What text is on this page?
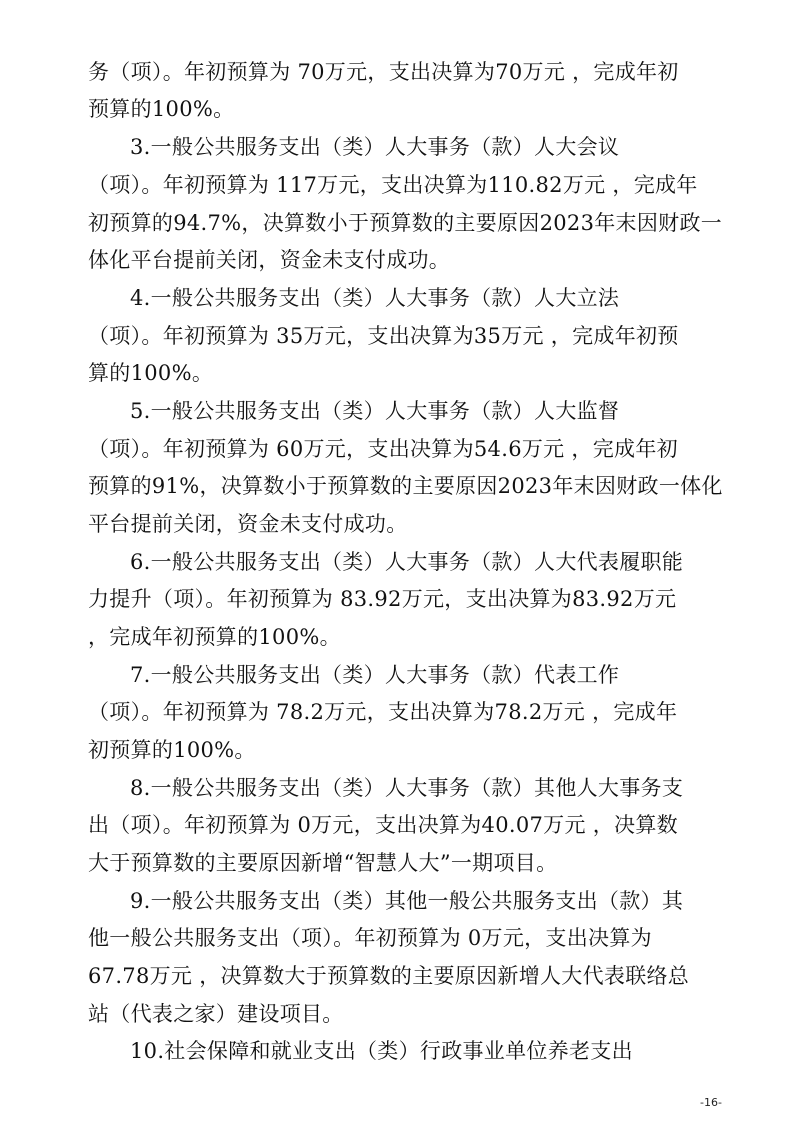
务（项）。年初预算为 70万元，支出决算为70万元 ，完成年初
预算的100%。
3.一般公共服务支出（类）人大事务（款）人大会议
（项）。年初预算为 117万元，支出决算为110.82万元 ，完成年
初预算的94.7%，决算数小于预算数的主要原因2023年末因财政一
体化平台提前关闭，资金未支付成功。
4.一般公共服务支出（类）人大事务（款）人大立法
（项）。年初预算为 35万元，支出决算为35万元 ，完成年初预
算的100%。
5.一般公共服务支出（类）人大事务（款）人大监督
（项）。年初预算为 60万元，支出决算为54.6万元 ，完成年初
预算的91%，决算数小于预算数的主要原因2023年末因财政一体化
平台提前关闭，资金未支付成功。
6.一般公共服务支出（类）人大事务（款）人大代表履职能
力提升（项）。年初预算为 83.92万元，支出决算为83.92万元
，完成年初预算的100%。
7.一般公共服务支出（类）人大事务（款）代表工作
（项）。年初预算为 78.2万元，支出决算为78.2万元 ，完成年
初预算的100%。
8.一般公共服务支出（类）人大事务（款）其他人大事务支
出（项）。年初预算为 0万元，支出决算为40.07万元 ，决算数
大于预算数的主要原因新增“智慧人大”一期项目。
9.一般公共服务支出（类）其他一般公共服务支出（款）其
他一般公共服务支出（项）。年初预算为 0万元，支出决算为
67.78万元 ，决算数大于预算数的主要原因新增人大代表联络总
站（代表之家）建设项目。
10.社会保障和就业支出（类）行政事业单位养老支出
-16-
